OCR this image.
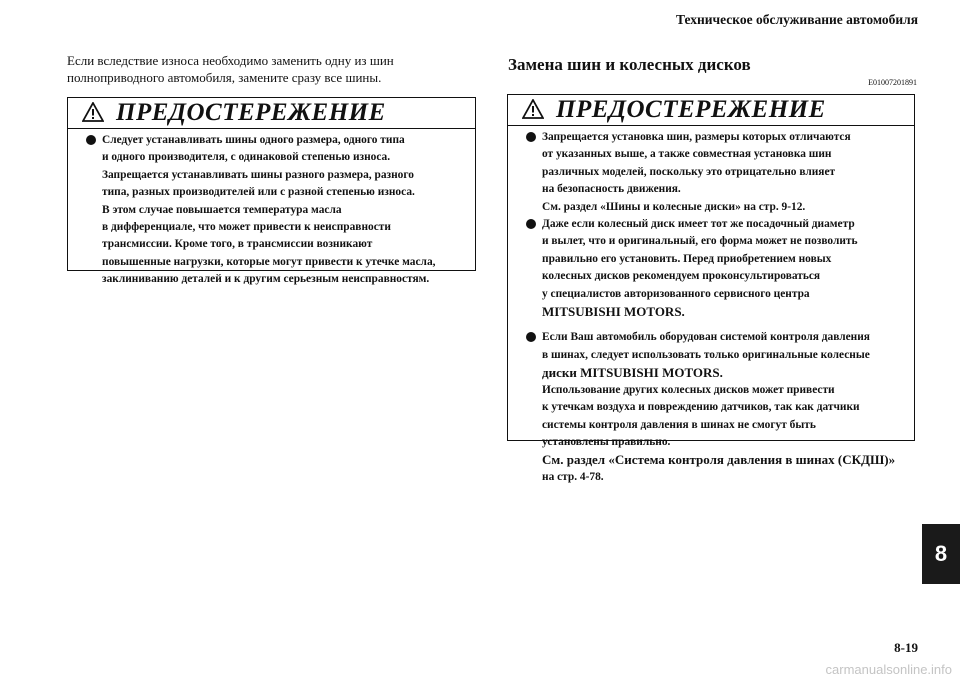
Техническое обслуживание автомобиля
Если вследствие износа необходимо заменить одну из шин
полноприводного автомобиля, замените сразу все шины.
ПРЕДОСТЕРЕЖЕНИЕ
Следует устанавливать шины одного размера, одного типа
и одного производителя, с одинаковой степенью износа.
Запрещается устанавливать шины разного размера, разного
типа, разных производителей или с разной степенью износа.
В этом случае повышается температура масла
в дифференциале, что может привести к неисправности
трансмиссии. Кроме того, в трансмиссии возникают
повышенные нагрузки, которые могут привести к утечке масла,
заклиниванию деталей и к другим серьезным неисправностям.
Замена шин и колесных дисков
E01007201891
ПРЕДОСТЕРЕЖЕНИЕ
Запрещается установка шин, размеры которых отличаются
от указанных выше, а также совместная установка шин
различных моделей, поскольку это отрицательно влияет
на безопасность движения.
См. раздел «Шины и колесные диски» на стр. 9-12.
Даже если колесный диск имеет тот же посадочный диаметр
и вылет, что и оригинальный, его форма может не позволить
правильно его установить. Перед приобретением новых
колесных дисков рекомендуем проконсультироваться
у специалистов авторизованного сервисного центра
MITSUBISHI MOTORS.
Если Ваш автомобиль оборудован системой контроля давления
в шинах, следует использовать только оригинальные колесные
диски MITSUBISHI MOTORS.
Использование других колесных дисков может привести
к утечкам воздуха и повреждению датчиков, так как датчики
системы контроля давления в шинах не смогут быть
установлены правильно.
См. раздел «Система контроля давления в шинах (СКДШ)»
на стр. 4-78.
8
8-19
carmanualsonline.info
